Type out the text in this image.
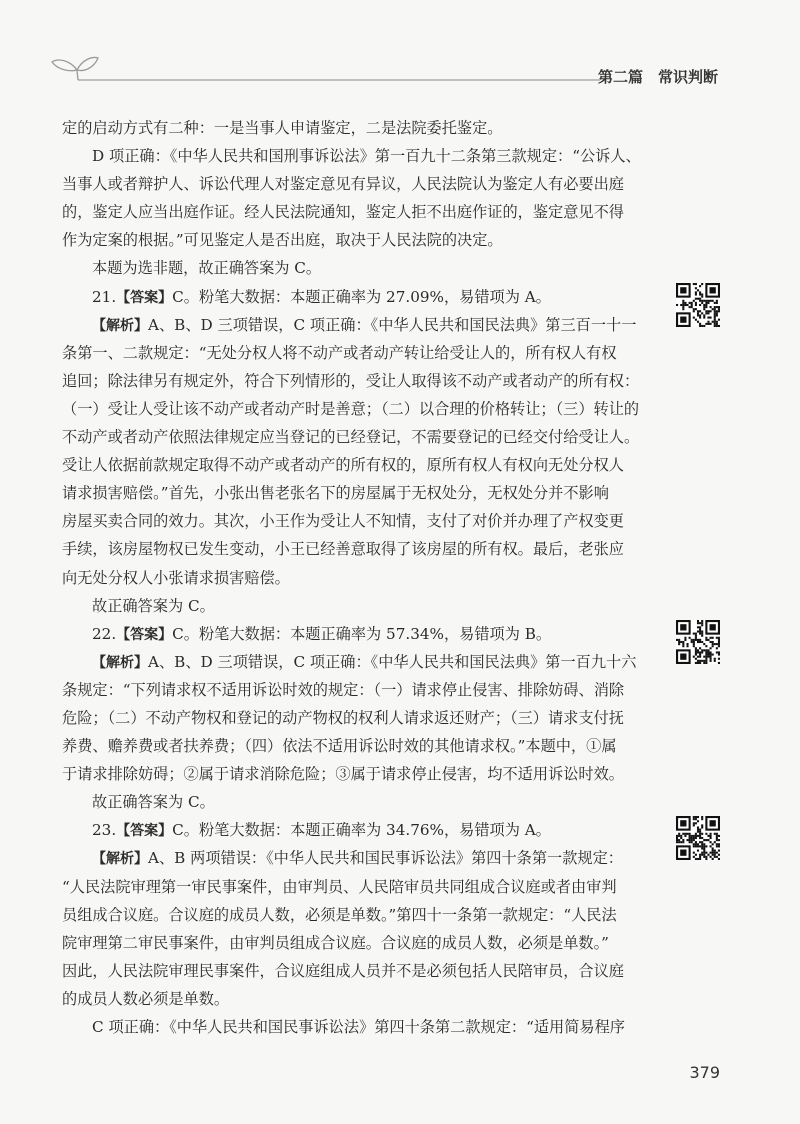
第二篇　常识判断
定的启动方式有二种：一是当事人申请鉴定，二是法院委托鉴定。
D 项正确：《中华人民共和国刑事诉讼法》第一百九十二条第三款规定：“公诉人、
当事人或者辩护人、诉讼代理人对鉴定意见有异议，人民法院认为鉴定人有必要出庭
的，鉴定人应当出庭作证。经人民法院通知，鉴定人拒不出庭作证的，鉴定意见不得
作为定案的根据。”可见鉴定人是否出庭，取决于人民法院的决定。
本题为选非题，故正确答案为 C。
21.【答案】C。粉笔大数据：本题正确率为 27.09%，易错项为 A。
【解析】A、B、D 三项错误，C 项正确：《中华人民共和国民法典》第三百一十一
条第一、二款规定：“无处分权人将不动产或者动产转让给受让人的，所有权人有权
追回；除法律另有规定外，符合下列情形的，受让人取得该不动产或者动产的所有权：
（一）受让人受让该不动产或者动产时是善意；（二）以合理的价格转让；（三）转让的
不动产或者动产依照法律规定应当登记的已经登记，不需要登记的已经交付给受让人。
受让人依据前款规定取得不动产或者动产的所有权的，原所有权人有权向无处分权人
请求损害赔偿。”首先，小张出售老张名下的房屋属于无权处分，无权处分并不影响
房屋买卖合同的效力。其次，小王作为受让人不知情，支付了对价并办理了产权变更
手续，该房屋物权已发生变动，小王已经善意取得了该房屋的所有权。最后，老张应
向无处分权人小张请求损害赔偿。
故正确答案为 C。
22.【答案】C。粉笔大数据：本题正确率为 57.34%，易错项为 B。
【解析】A、B、D 三项错误，C 项正确：《中华人民共和国民法典》第一百九十六
条规定：“下列请求权不适用诉讼时效的规定：（一）请求停止侵害、排除妨碍、消除
危险；（二）不动产物权和登记的动产物权的权利人请求返还财产；（三）请求支付抚
养费、赡养费或者扶养费；（四）依法不适用诉讼时效的其他请求权。”本题中，①属
于请求排除妨碍；②属于请求消除危险；③属于请求停止侵害，均不适用诉讼时效。
故正确答案为 C。
23.【答案】C。粉笔大数据：本题正确率为 34.76%，易错项为 A。
【解析】A、B 两项错误：《中华人民共和国民事诉讼法》第四十条第一款规定：
“人民法院审理第一审民事案件，由审判员、人民陪审员共同组成合议庭或者由审判
员组成合议庭。合议庭的成员人数，必须是单数。”第四十一条第一款规定：“人民法
院审理第二审民事案件，由审判员组成合议庭。合议庭的成员人数，必须是单数。”
因此，人民法院审理民事案件，合议庭组成人员并不是必须包括人民陪审员，合议庭
的成员人数必须是单数。
C 项正确：《中华人民共和国民事诉讼法》第四十条第二款规定：“适用简易程序
379
